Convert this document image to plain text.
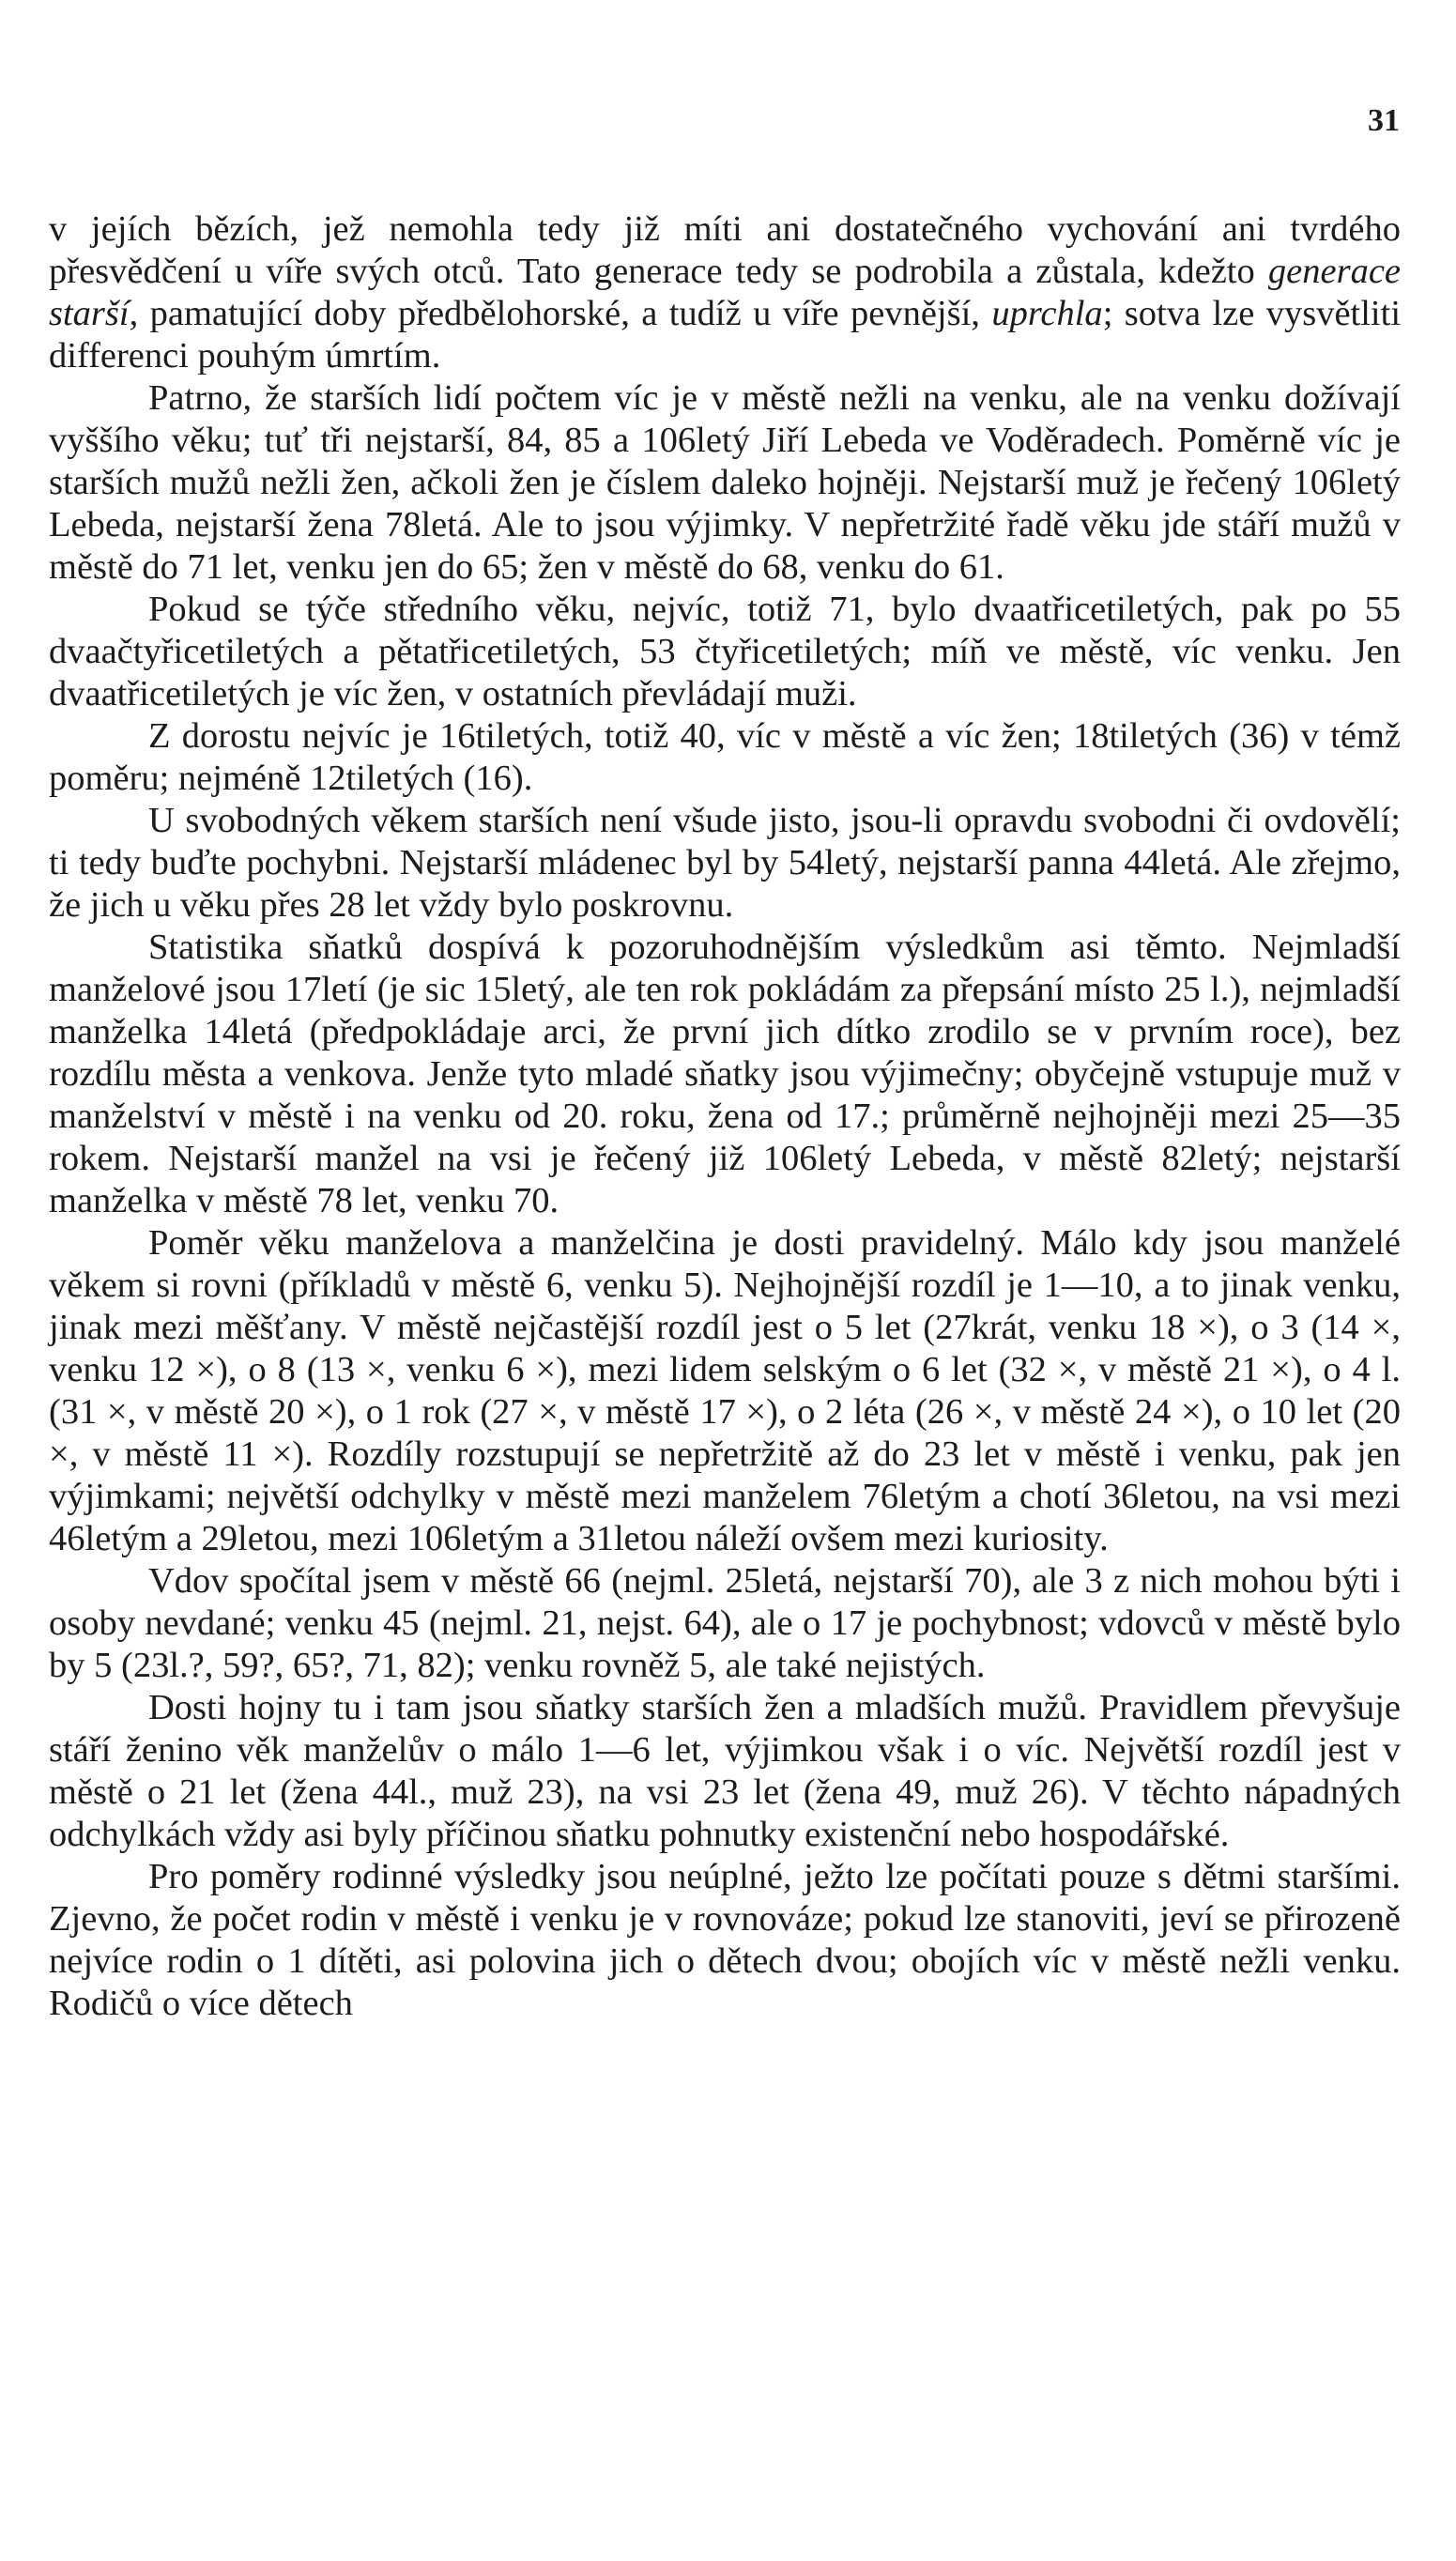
31

v jejích bězích, jež nemohla tedy již míti ani dostatečného vychování ani tvrdého přesvědčení u víře svých otců. Tato generace tedy se podrobila a zůstala, kdežto generace starší, pamatující doby předbělohorské, a tudíž u víře pevnější, uprchla; sotva lze vysvětliti differenci pouhým úmrtím.

Patrno, že starších lidí počtem víc je v městě nežli na venku, ale na venku dožívají vyššího věku; tuť tři nejstarší, 84, 85 a 106letý Jiří Lebeda ve Voděradech. Poměrně víc je starších mužů nežli žen, ačkoli žen je číslem daleko hojněji. Nejstarší muž je řečený 106letý Lebeda, nejstarší žena 78letá. Ale to jsou výjimky. V nepřetržité řadě věku jde stáří mužů v městě do 71 let, venku jen do 65; žen v městě do 68, venku do 61.

Pokud se týče středního věku, nejvíc, totiž 71, bylo dvaatřicetiletých, pak po 55 dvaačtyřicetiletých a pětatřicetiletých, 53 čtyřicetiletých; míň ve městě, víc venku. Jen dvaatřicetiletých je víc žen, v ostatních převládají muži.

Z dorostu nejvíc je 16tiletých, totiž 40, víc v městě a víc žen; 18tiletých (36) v témž poměru; nejméně 12tiletých (16).

U svobodných věkem starších není všude jisto, jsou-li opravdu svobodni či ovdovělí; ti tedy buďte pochybni. Nejstarší mládenec byl by 54letý, nejstarší panna 44letá. Ale zřejmo, že jich u věku přes 28 let vždy bylo poskrovnu.

Statistika sňatků dospívá k pozoruhodnějším výsledkům asi těmto. Nejmladší manželové jsou 17letí (je sic 15letý, ale ten rok pokládám za přepsání místo 25 l.), nejmladší manželka 14letá (předpokládaje arci, že první jich dítko zrodilo se v prvním roce), bez rozdílu města a venkova. Jenže tyto mladé sňatky jsou výjimečny; obyčejně vstupuje muž v manželství v městě i na venku od 20. roku, žena od 17.; průměrně nejhojněji mezi 25—35 rokem. Nejstarší manžel na vsi je řečený již 106letý Lebeda, v městě 82letý; nejstarší manželka v městě 78 let, venku 70.

Poměr věku manželova a manželčina je dosti pravidelný. Málo kdy jsou manželé věkem si rovni (příkladů v městě 6, venku 5). Nejhojnější rozdíl je 1—10, a to jinak venku, jinak mezi měšťany. V městě nejčastější rozdíl jest o 5 let (27krát, venku 18 ×), o 3 (14 ×, venku 12 ×), o 8 (13 ×, venku 6 ×), mezi lidem selským o 6 let (32 ×, v městě 21 ×), o 4 l. (31 ×, v městě 20 ×), o 1 rok (27 ×, v městě 17 ×), o 2 léta (26 ×, v městě 24 ×), o 10 let (20 ×, v městě 11 ×). Rozdíly rozstupují se nepřetržitě až do 23 let v městě i venku, pak jen výjimkami; největší odchylky v městě mezi manželem 76letým a chotí 36letou, na vsi mezi 46letým a 29letou, mezi 106letým a 31letou náleží ovšem mezi kuriosity.

Vdov spočítal jsem v městě 66 (nejml. 25letá, nejstarší 70), ale 3 z nich mohou býti i osoby nevdané; venku 45 (nejml. 21, nejst. 64), ale o 17 je pochybnost; vdovců v městě bylo by 5 (23l.?, 59?, 65?, 71, 82); venku rovněž 5, ale také nejistých.

Dosti hojny tu i tam jsou sňatky starších žen a mladších mužů. Pravidlem převyšuje stáří ženino věk manželův o málo 1—6 let, výjimkou však i o víc. Největší rozdíl jest v městě o 21 let (žena 44l., muž 23), na vsi 23 let (žena 49, muž 26). V těchto nápadných odchylkách vždy asi byly příčinou sňatku pohnutky existenční nebo hospodářské.

Pro poměry rodinné výsledky jsou neúplné, ježto lze počítati pouze s dětmi staršími. Zjevno, že počet rodin v městě i venku je v rovnováze; pokud lze stanoviti, jeví se přirozeně nejvíce rodin o 1 dítěti, asi polovina jich o dětech dvou; obojích víc v městě nežli venku. Rodičů o více dětech
